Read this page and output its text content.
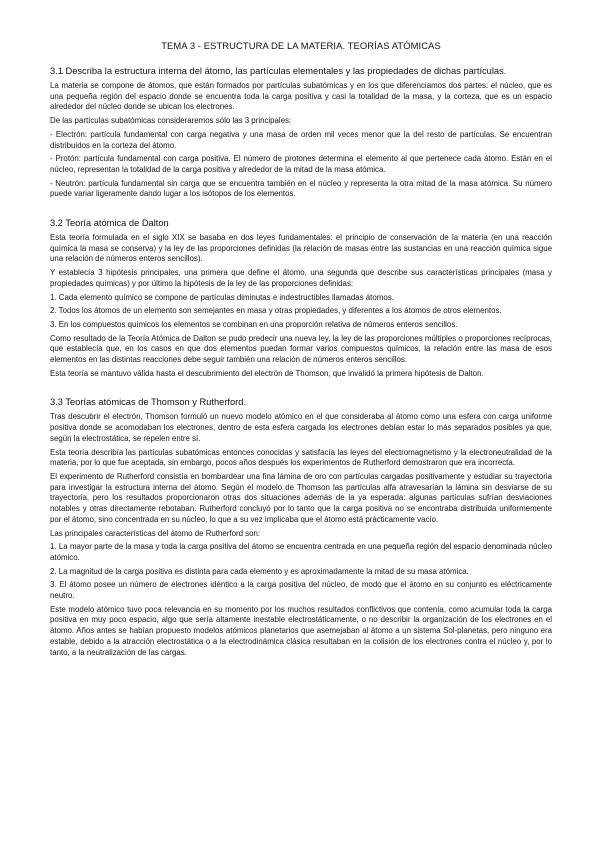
TEMA 3 - ESTRUCTURA DE LA MATERIA. TEORÍAS ATÓMICAS
3.1 Describa la estructura interna del átomo, las partículas elementales y las propiedades de dichas partículas.

La materia se compone de átomos, que están formados por partículas subatómicas y en los que diferenciamos dos partes: el núcleo, que es una pequeña región del espacio donde se encuentra toda la carga positiva y casi la totalidad de la masa, y la corteza, que es un espacio alrededor del núcleo donde se ubican los electrones.

De las partículas subatómicas consideraremos sólo las 3 principales:

- Electrón: partícula fundamental con carga negativa y una masa de orden mil veces menor que la del resto de partículas. Se encuentran distribuidos en la corteza del átomo.

- Protón: partícula fundamental con carga positiva. El número de protones determina el elemento al que pertenece cada átomo. Están en el núcleo, representan la totalidad de la carga positiva y alrededor de la mitad de la masa atómica.

- Neutrón: partícula fundamental sin carga que se encuentra también en el núcleo y representa la otra mitad de la masa atómica. Su número puede variar ligeramente dando lugar a los isótopos de los elementos.

3.2 Teoría atómica de Dalton

Esta teoría formulada en el siglo XIX se basaba en dos leyes fundamentales: el principio de conservación de la materia (en una reacción química la masa se conserva) y la ley de las proporciones definidas (la relación de masas entre las sustancias en una reacción química sigue una relación de números enteros sencillos).

Y establecía 3 hipótesis principales, una primera que define el átomo, una segunda que describe sus características principales (masa y propiedades químicas) y por último la hipótesis de la ley de las proporciones definidas:

1. Cada elemento químico se compone de partículas diminutas e indestructibles llamadas átomos.

2. Todos los átomos de un elemento son semejantes en masa y otras propiedades, y diferentes a los átomos de otros elementos.

3. En los compuestos químicos los elementos se combinan en una proporción relativa de números enteros sencillos.

Como resultado de la Teoría Atómica de Dalton se pudo predecir una nueva ley, la ley de las proporciones múltiples o proporciones recíprocas, que establecía que, en los casos en que dos elementos puedan formar varios compuestos químicos, la relación entre las masa de esos elementos en las distintas reacciones debe seguir también una relación de números enteros sencillos.

Esta teoría se mantuvo válida hasta el descubrimiento del electrón de Thomson, que invalidó la primera hipótesis de Dalton.

3.3 Teorías atómicas de Thomson y Rutherford.

Tras descubrir el electrón, Thomson formuló un nuevo modelo atómico en el que consideraba al átomo como una esfera con carga uniforme positiva donde se acomodaban los electrones, dentro de esta esfera cargada los electrones debían estar lo más separados posibles ya que, según la electrostática, se repelen entre sí.

Esta teoría describía las partículas subatómicas entonces conocidas y satisfacía las leyes del electromagnetismo y la electroneutralidad de la materia, por lo que fue aceptada, sin embargo, pocos años después los experimentos de Rutherford demostraron que era incorrecta.

El experimento de Rutherford consistía en bombardear una fina lámina de oro con partículas cargadas positivamente y estudiar su trayectoria para investigar la estructura interna del átomo. Según el modelo de Thomson las partículas alfa atravesarían la lámina sin desviarse de su trayectoria, pero los resultados proporcionaron otras dos situaciones además de la ya esperada: algunas partículas sufrían desviaciones notables y otras directamente rebotaban. Rutherford concluyó por lo tanto que la carga positiva no se encontraba distribuida uniformemente por el átomo, sino concentrada en su núcleo, lo que a su vez implicaba que el átomo está prácticamente vacío.

Las principales características del átomo de Rutherford son:

1. La mayor parte de la masa y toda la carga positiva del átomo se encuentra centrada en una pequeña región del espacio denominada núcleo atómico.

2. La magnitud de la carga positiva es distinta para cada elemento y es aproximadamente la mitad de su masa atómica.

3. El átomo posee un número de electrones idéntico a la carga positiva del núcleo, de modo que el átomo en su conjunto es eléctricamente neutro.

Este modelo atómico tuvo poca relevancia en su momento por los muchos resultados conflictivos que contenía, como acumular toda la carga positiva en muy poco espacio, algo que sería altamente inestable electrostáticamente, o no describir la organización de los electrones en el átomo. Años antes se habían propuesto modelos atómicos planetarios que asemejaban al átomo a un sistema Sol-planetas, pero ninguno era estable, debido a la atracción electrostática o a la electrodinámica clásica resultaban en la colisión de los electrones contra el núcleo y, por lo tanto, a la neutralización de las cargas.
